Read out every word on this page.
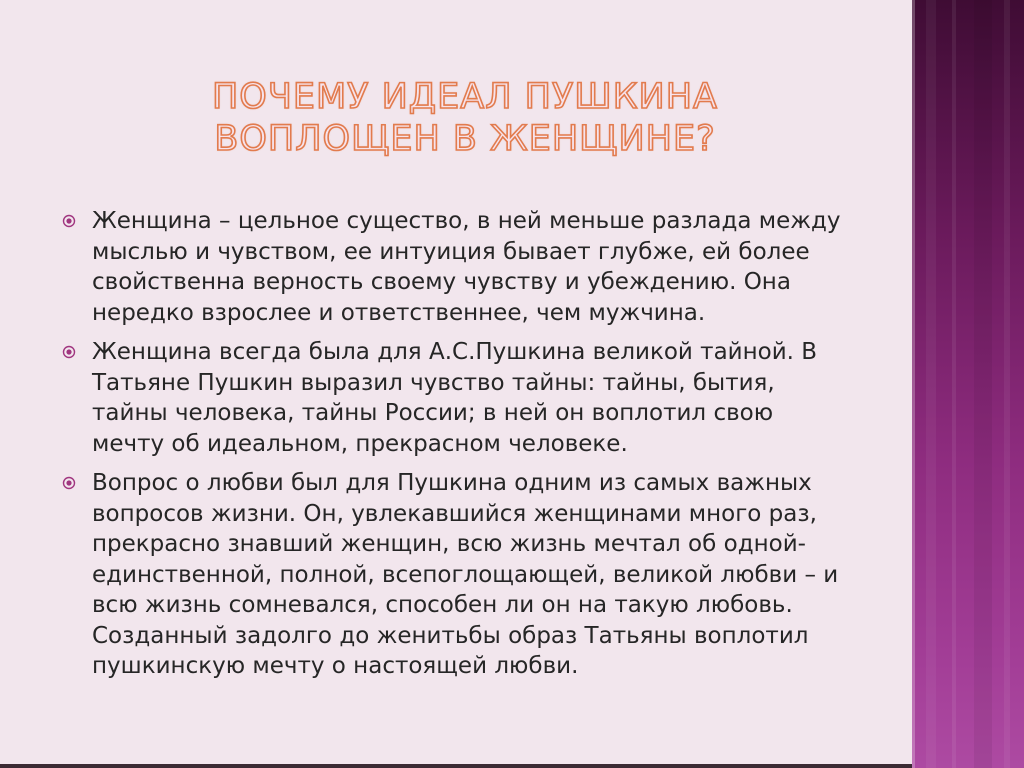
ПОЧЕМУ ИДЕАЛ ПУШКИНА ВОПЛОЩЕН В ЖЕНЩИНЕ?
Женщина – цельное существо, в ней меньше разлада между мыслью и чувством, ее интуиция бывает глубже, ей более свойственна верность своему чувству и убеждению. Она нередко взрослее и ответственнее, чем мужчина.
Женщина всегда была для А.С.Пушкина великой тайной. В Татьяне Пушкин выразил чувство тайны: тайны, бытия, тайны человека, тайны России; в ней он воплотил свою мечту об идеальном, прекрасном человеке.
Вопрос о любви был для Пушкина одним из самых важных вопросов жизни. Он, увлекавшийся женщинами много раз, прекрасно знавший женщин, всю жизнь мечтал об одной-единственной, полной, всепоглощающей, великой любви – и всю жизнь сомневался, способен ли он на такую любовь. Созданный задолго до женитьбы образ Татьяны воплотил пушкинскую мечту о настоящей любви.
